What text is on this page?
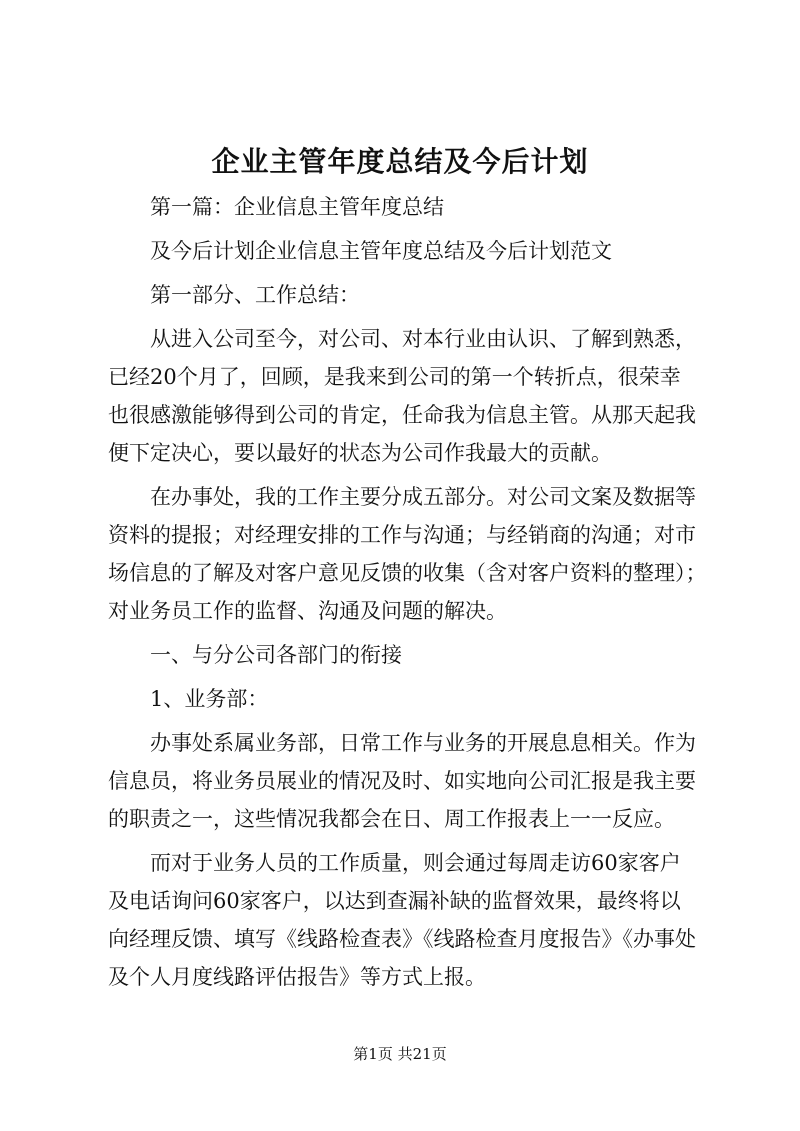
企业主管年度总结及今后计划

第一篇：企业信息主管年度总结

及今后计划企业信息主管年度总结及今后计划范文

第一部分、工作总结：

从进入公司至今，对公司、对本行业由认识、了解到熟悉，

已经20个月了，回顾，是我来到公司的第一个转折点，很荣幸

也很感激能够得到公司的肯定，任命我为信息主管。从那天起我

便下定决心，要以最好的状态为公司作我最大的贡献。

在办事处，我的工作主要分成五部分。对公司文案及数据等

资料的提报；对经理安排的工作与沟通；与经销商的沟通；对市

场信息的了解及对客户意见反馈的收集（含对客户资料的整理）；

对业务员工作的监督、沟通及问题的解决。

一、与分公司各部门的衔接

1、业务部：

办事处系属业务部，日常工作与业务的开展息息相关。作为

信息员，将业务员展业的情况及时、如实地向公司汇报是我主要

的职责之一，这些情况我都会在日、周工作报表上一一反应。

而对于业务人员的工作质量，则会通过每周走访60家客户

及电话询问60家客户，以达到查漏补缺的监督效果，最终将以

向经理反馈、填写《线路检查表》《线路检查月度报告》《办事处

及个人月度线路评估报告》等方式上报。

第1页 共21页
